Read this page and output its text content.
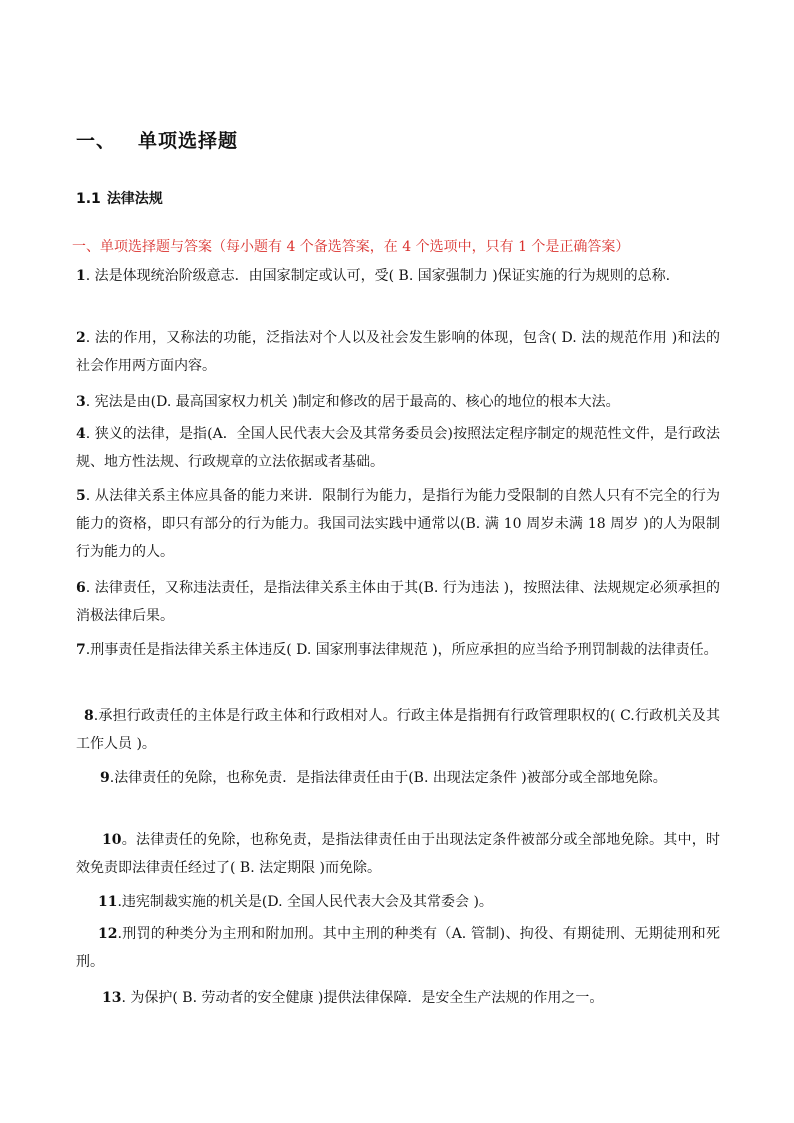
一、 单项选择题
1.1 法律法规
一、单项选择题与答案（每小题有 4 个备选答案，在 4 个选项中，只有 1 个是正确答案）
1. 法是体现统治阶级意志．由国家制定或认可，受( B. 国家强制力 )保证实施的行为规则的总称.
2. 法的作用，又称法的功能，泛指法对个人以及社会发生影响的体现，包含( D. 法的规范作用 )和法的社会作用两方面内容。
3. 宪法是由(D. 最高国家权力机关 )制定和修改的居于最高的、核心的地位的根本大法。
4. 狭义的法律，是指(A．全国人民代表大会及其常务委员会)按照法定程序制定的规范性文件，是行政法规、地方性法规、行政规章的立法依据或者基础。
5. 从法律关系主体应具备的能力来讲．限制行为能力，是指行为能力受限制的自然人只有不完全的行为能力的资格，即只有部分的行为能力。我国司法实践中通常以(B. 满 10 周岁未满 18 周岁 )的人为限制行为能力的人。
6. 法律责任，又称违法责任，是指法律关系主体由于其(B. 行为违法 )，按照法律、法规规定必须承担的消极法律后果。
7.刑事责任是指法律关系主体违反( D. 国家刑事法律规范 )，所应承担的应当给予刑罚制裁的法律责任。
8.承担行政责任的主体是行政主体和行政相对人。行政主体是指拥有行政管理职权的( C.行政机关及其工作人员 )。
9.法律责任的免除，也称免责．是指法律责任由于(B. 出现法定条件 )被部分或全部地免除。
10。法律责任的免除，也称免责，是指法律责任由于出现法定条件被部分或全部地免除。其中，时效免责即法律责任经过了( B. 法定期限 )而免除。
11.违宪制裁实施的机关是(D. 全国人民代表大会及其常委会 )。
12.刑罚的种类分为主刑和附加刑。其中主刑的种类有（A. 管制)、拘役、有期徒刑、无期徒刑和死刑。
13. 为保护( B. 劳动者的安全健康 )提供法律保障．是安全生产法规的作用之一。
